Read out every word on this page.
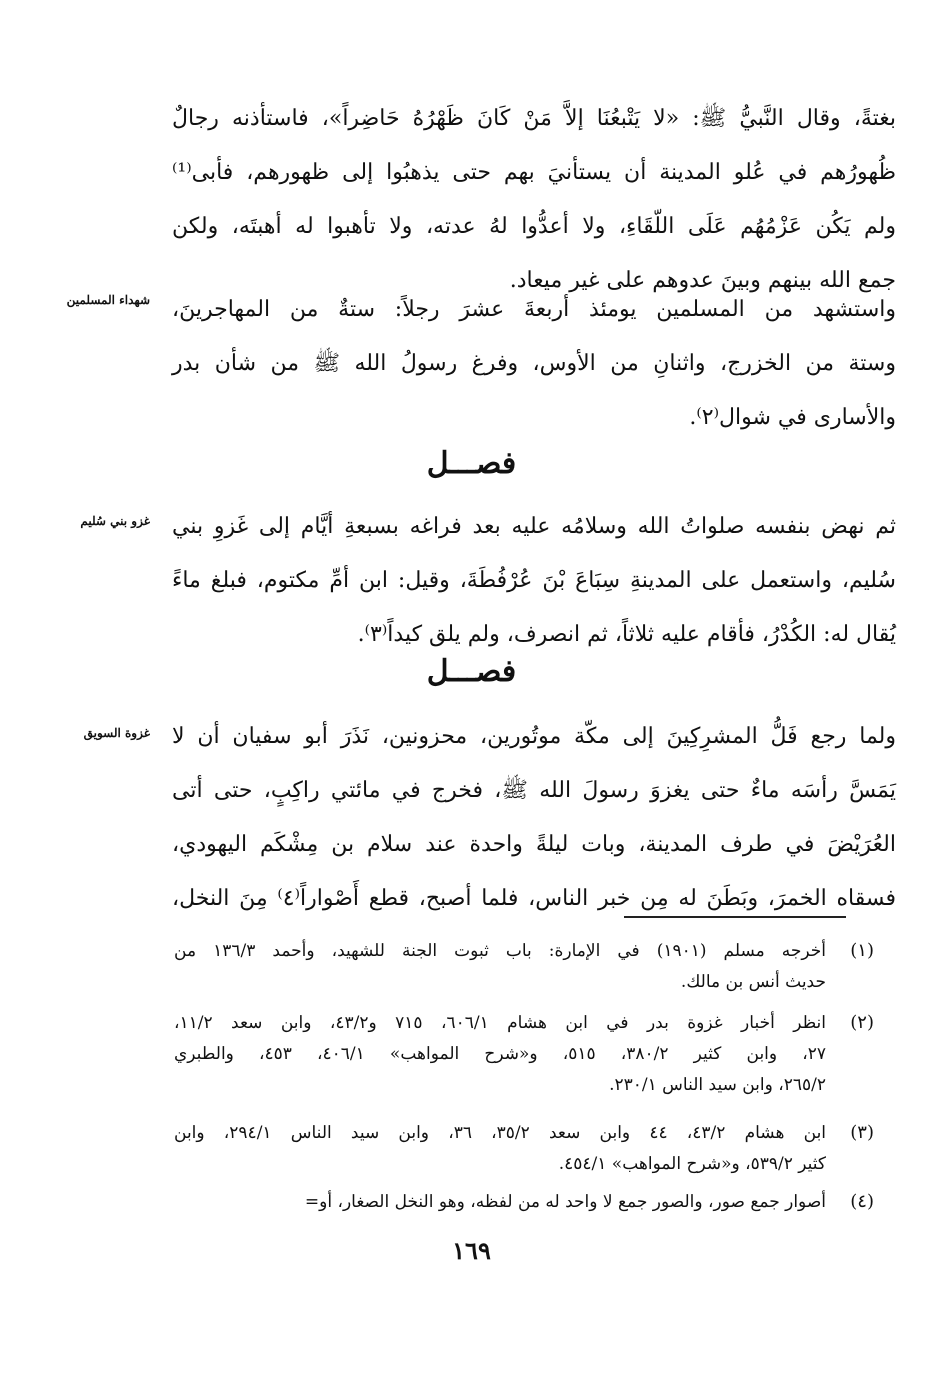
بغتةً، وقال النَّبيُّ ﷺ: «لا يَتْبعُنَا إلاَّ مَنْ كَانَ ظَهْرُهُ حَاضِراً»، فاستأذنه رجالٌ
ظُهورُهم في عُلو المدينة أن يستأنيَ بهم حتى يذهبُوا إلى ظهورهم، فأبى⁽¹⁾
ولم يَكُن عَزْمُهُم عَلَى اللّقَاءِ، ولا أعدُّوا لهُ عدته، ولا تأهبوا له أهبتَه، ولكن
جمع الله بينهم وبينَ عدوهم على غير ميعاد.
شهداء المسلمين واستشهد من المسلمين يومئذ أربعةَ عشرَ رجلاً: ستةٌ من المهاجرينَ،
وستة من الخزرج، واثنانِ من الأوس، وفرغ رسولُ الله ﷺ من شأن بدر
والأسارى في شوال⁽٢⁾.
فصـــل
غزو بني سُليم ثم نهض بنفسه صلواتُ الله وسلامُه عليه بعد فراغه بسبعةِ أيَّام إلى غَزوِ بني
سُليم، واستعمل على المدينةِ سِبَاعَ بْنَ عُرْفُطَةَ، وقيل: ابن أمِّ مكتوم، فبلغ ماءً
يُقال له: الكُدْرُ، فأقام عليه ثلاثاً، ثم انصرف، ولم يلق كيداً⁽٣⁾.
فصـــل
غزوة السويق ولما رجع فَلُّ المشرِكِينَ إلى مكّة موتُورين، محزونين، نَذَرَ أبو سفيان أن لا
يَمَسَّ رأسَه ماءٌ حتى يغزوَ رسولَ الله ﷺ، فخرج في مائتي راكِبٍ، حتى أتى
العُرَيْضَ في طرف المدينة، وبات ليلةً واحدة عند سلام بن مِشْكَم اليهودي،
فسقاه الخمرَ، وبَطَنَ له مِن خبر الناس، فلما أصبح، قطع أَصْواراً⁽٤⁾ مِنَ النخل،
(١)
أخرجه مسلم (١٩٠١) في الإمارة: باب ثبوت الجنة للشهيد، وأحمد ١٣٦/٣ من
حديث أنس بن مالك.
(٢)
انظر أخبار غزوة بدر في ابن هشام ٦٠٦/١، ٧١٥ و٤٣/٢، وابن سعد ١١/٢،
٢٧، وابن كثير ٣٨٠/٢، ٥١٥، و«شرح المواهب» ٤٠٦/١، ٤٥٣، والطبري
٢٦٥/٢، وابن سيد الناس ٢٣٠/١.
(٣)
ابن هشام ٤٣/٢، ٤٤ وابن سعد ٣٥/٢، ٣٦، وابن سيد الناس ٢٩٤/١، وابن
كثير ٥٣٩/٢، و«شرح المواهب» ٤٥٤/١.
(٤)
أصوار جمع صور، والصور جمع لا واحد له من لفظه، وهو النخل الصغار، أو=
١٦٩
